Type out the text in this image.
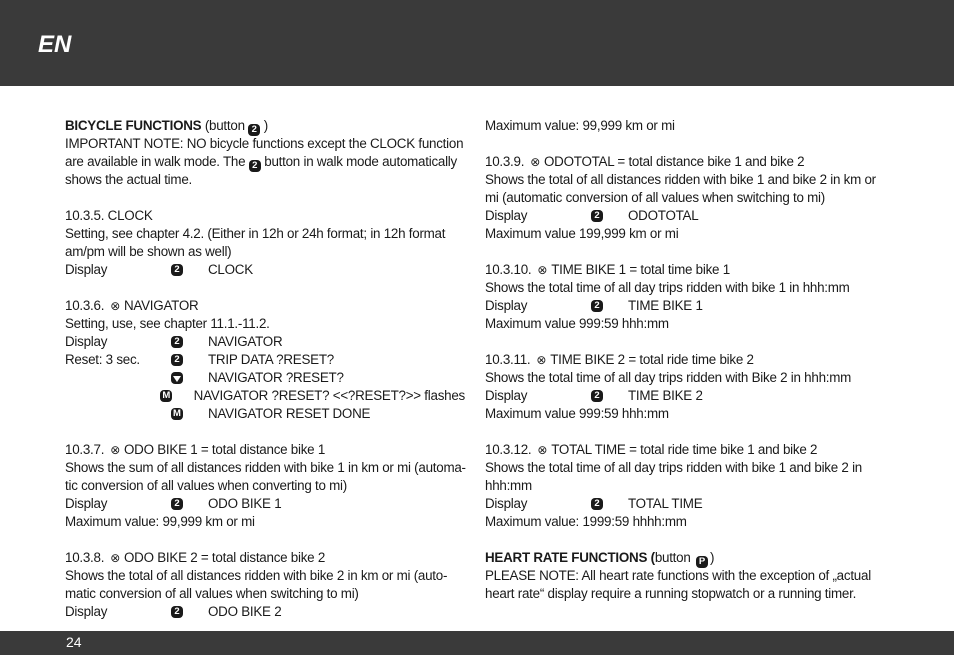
EN
BICYCLE FUNCTIONS (button 2 )
IMPORTANT NOTE: NO bicycle functions except the CLOCK function
are available in walk mode. The 2 button in walk mode automatically
shows the actual time.
10.3.5. CLOCK
Setting, see chapter 4.2. (Either in 12h or 24h format; in 12h format
am/pm will be shown as well)
Display	2 CLOCK
10.3.6. ⊗ NAVIGATOR
Setting, use, see chapter 11.1.-11.2.
Display	2 NAVIGATOR
Reset: 3 sec.	2 TRIP DATA ?RESET?
NAVIGATOR ?RESET?
M NAVIGATOR ?RESET? <<?RESET?>> flashes
M NAVIGATOR RESET DONE
10.3.7. ⊗ ODO BIKE 1 = total distance bike 1
Shows the sum of all distances ridden with bike 1 in km or mi (automa-
tic conversion of all values when converting to mi)
Display	2 ODO BIKE 1
Maximum value: 99,999 km or mi
10.3.8. ⊗ ODO BIKE 2 = total distance bike 2
Shows the total of all distances ridden with bike 2 in km or mi (auto-
matic conversion of all values when switching to mi)
Display	2 ODO BIKE 2
Maximum value: 99,999 km or mi
10.3.9. ⊗ ODOTOTAL = total distance bike 1 and bike 2
Shows the total of all distances ridden with bike 1 and bike 2 in km or
mi (automatic conversion of all values when switching to mi)
Display	2 ODOTOTAL
Maximum value 199,999 km or mi
10.3.10. ⊗ TIME BIKE 1 = total time bike 1
Shows the total time of all day trips ridden with bike 1 in hhh:mm
Display	2 TIME BIKE 1
Maximum value 999:59 hhh:mm
10.3.11. ⊗ TIME BIKE 2 = total ride time bike 2
Shows the total time of all day trips ridden with Bike 2 in hhh:mm
Display	2 TIME BIKE 2
Maximum value 999:59 hhh:mm
10.3.12. ⊗ TOTAL TIME = total ride time bike 1 and bike 2
Shows the total time of all day trips ridden with bike 1 and bike 2 in
hhh:mm
Display	2 TOTAL TIME
Maximum value: 1999:59 hhhh:mm
HEART RATE FUNCTIONS (button P )
PLEASE NOTE: All heart rate functions with the exception of „actual
heart rate“ display require a running stopwatch or a running timer.
24
